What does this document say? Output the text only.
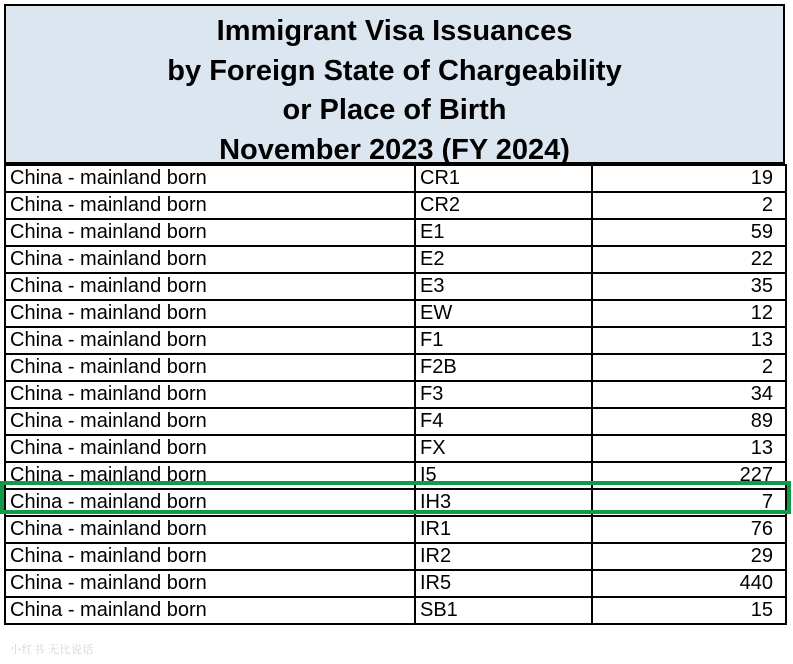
Immigrant Visa Issuances
by Foreign State of Chargeability
or Place of Birth
November 2023 (FY 2024)
China - mainland born	CR1	19
China - mainland born	CR2	2
China - mainland born	E1	59
China - mainland born	E2	22
China - mainland born	E3	35
China - mainland born	EW	12
China - mainland born	F1	13
China - mainland born	F2B	2
China - mainland born	F3	34
China - mainland born	F4	89
China - mainland born	FX	13
China - mainland born	I5	227
China - mainland born	IH3	7
China - mainland born	IR1	76
China - mainland born	IR2	29
China - mainland born	IR5	440
China - mainland born	SB1	15
小红书 无比说话
